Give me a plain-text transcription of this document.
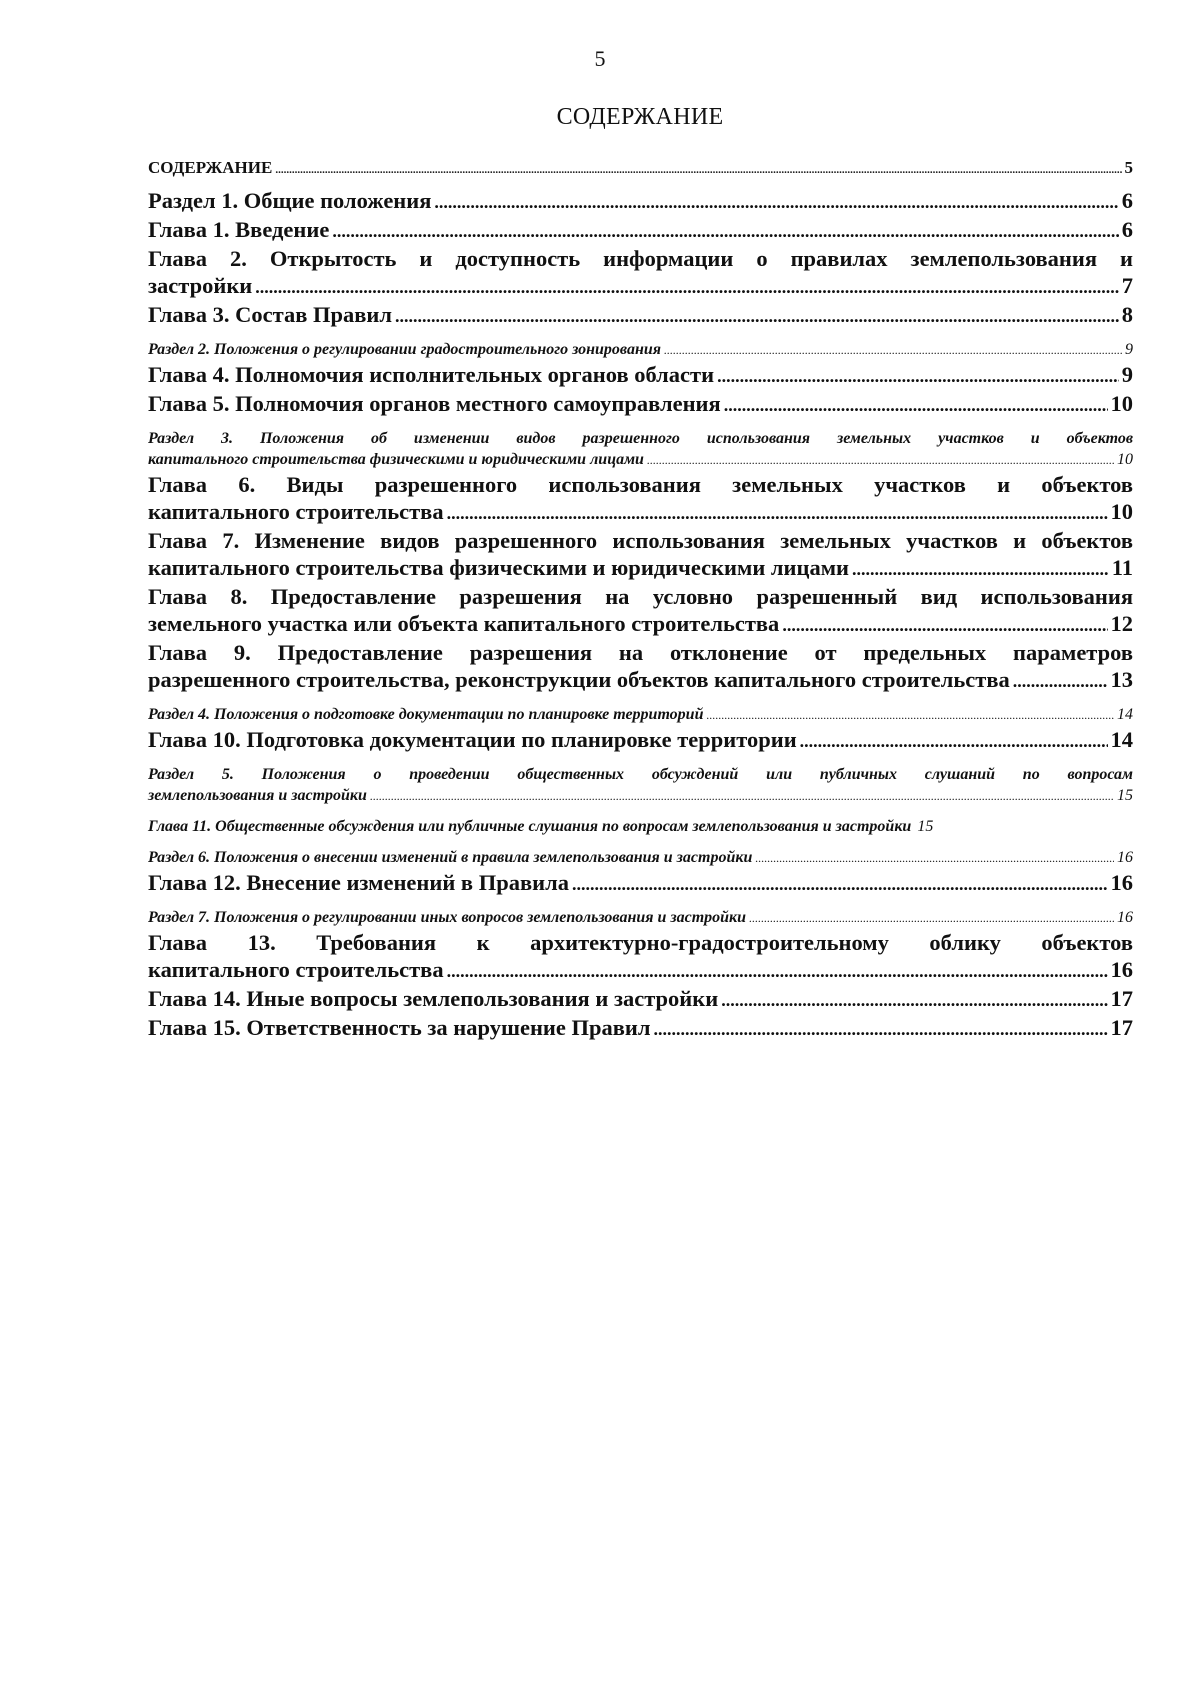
5
СОДЕРЖАНИЕ
СОДЕРЖАНИЕ .....	5
Раздел 1. Общие положения .....	6
Глава 1. Введение .....	6
Глава 2. Открытость и доступность информации о правилах землепользования и
застройки .....	7
Глава 3. Состав Правил .....	8
Раздел 2. Положения о регулировании градостроительного зонирования .....	9
Глава 4. Полномочия исполнительных органов области .....	9
Глава 5. Полномочия органов местного самоуправления .....	10
Раздел 3. Положения об изменении видов разрешенного использования земельных участков и объектов
капитального строительства физическими и юридическими лицами .....	10
Глава 6. Виды разрешенного использования земельных участков и объектов
капитального строительства .....	10
Глава 7. Изменение видов разрешенного использования земельных участков и объектов
капитального строительства физическими и юридическими лицами .....	11
Глава 8. Предоставление разрешения на условно разрешенный вид использования
земельного участка или объекта капитального строительства .....	12
Глава 9. Предоставление разрешения на отклонение от предельных параметров
разрешенного строительства, реконструкции объектов капитального строительства .....	13
Раздел 4. Положения о подготовке документации по планировке территорий .....	14
Глава 10. Подготовка документации по планировке территории .....	14
Раздел 5. Положения о проведении общественных обсуждений или публичных слушаний по вопросам
землепользования и застройки .....	15
Глава 11. Общественные обсуждения или публичные слушания по вопросам землепользования и застройки 15
Раздел 6. Положения о внесении изменений в правила землепользования и застройки .....	16
Глава 12. Внесение изменений в Правила .....	16
Раздел 7. Положения о регулировании иных вопросов землепользования и застройки .....	16
Глава 13. Требования к архитектурно-градостроительному облику объектов
капитального строительства .....	16
Глава 14. Иные вопросы землепользования и застройки .....	17
Глава 15. Ответственность за нарушение Правил .....	17
